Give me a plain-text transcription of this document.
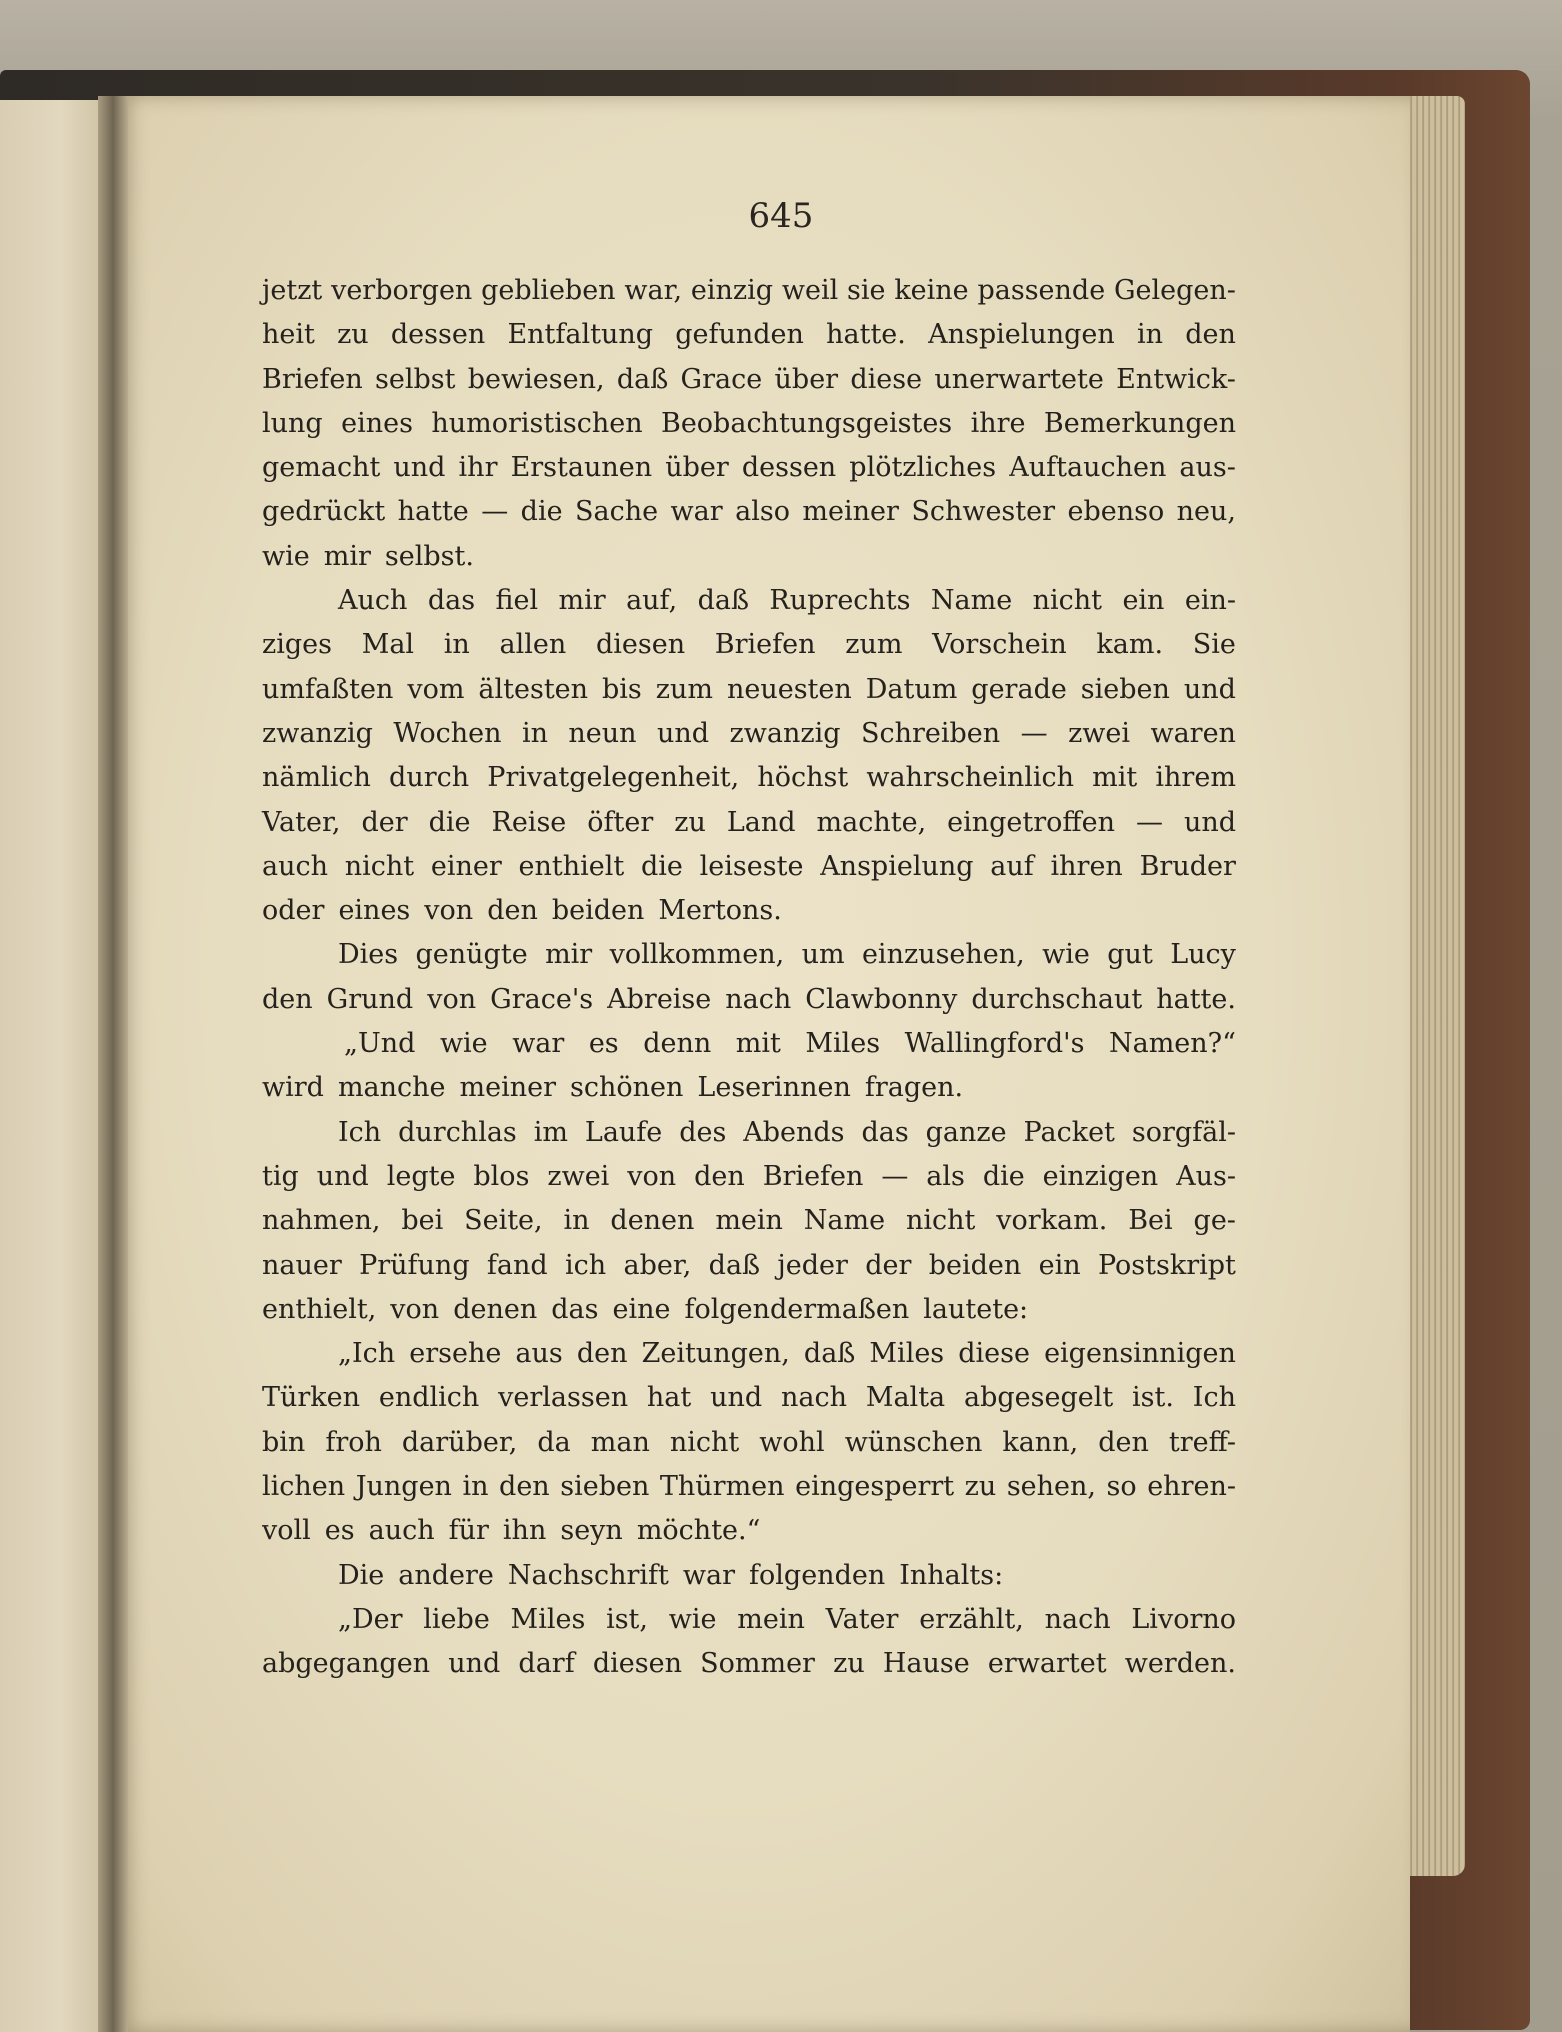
645
jetzt verborgen geblieben war, einzig weil sie keine passende Gelegen-
heit zu dessen Entfaltung gefunden hatte. Anspielungen in den
Briefen selbst bewiesen, daß Grace über diese unerwartete Entwick-
lung eines humoristischen Beobachtungsgeistes ihre Bemerkungen
gemacht und ihr Erstaunen über dessen plötzliches Auftauchen aus-
gedrückt hatte — die Sache war also meiner Schwester ebenso neu,
wie mir selbst.
Auch das fiel mir auf, daß Ruprechts Name nicht ein ein-
ziges Mal in allen diesen Briefen zum Vorschein kam. Sie
umfaßten vom ältesten bis zum neuesten Datum gerade sieben und
zwanzig Wochen in neun und zwanzig Schreiben — zwei waren
nämlich durch Privatgelegenheit, höchst wahrscheinlich mit ihrem
Vater, der die Reise öfter zu Land machte, eingetroffen — und
auch nicht einer enthielt die leiseste Anspielung auf ihren Bruder
oder eines von den beiden Mertons.
Dies genügte mir vollkommen, um einzusehen, wie gut Lucy
den Grund von Grace's Abreise nach Clawbonny durchschaut hatte.
„Und wie war es denn mit Miles Wallingford's Namen?“
wird manche meiner schönen Leserinnen fragen.
Ich durchlas im Laufe des Abends das ganze Packet sorgfäl-
tig und legte blos zwei von den Briefen — als die einzigen Aus-
nahmen, bei Seite, in denen mein Name nicht vorkam. Bei ge-
nauer Prüfung fand ich aber, daß jeder der beiden ein Postskript
enthielt, von denen das eine folgendermaßen lautete:
„Ich ersehe aus den Zeitungen, daß Miles diese eigensinnigen
Türken endlich verlassen hat und nach Malta abgesegelt ist. Ich
bin froh darüber, da man nicht wohl wünschen kann, den treff-
lichen Jungen in den sieben Thürmen eingesperrt zu sehen, so ehren-
voll es auch für ihn seyn möchte.“
Die andere Nachschrift war folgenden Inhalts:
„Der liebe Miles ist, wie mein Vater erzählt, nach Livorno
abgegangen und darf diesen Sommer zu Hause erwartet werden.
